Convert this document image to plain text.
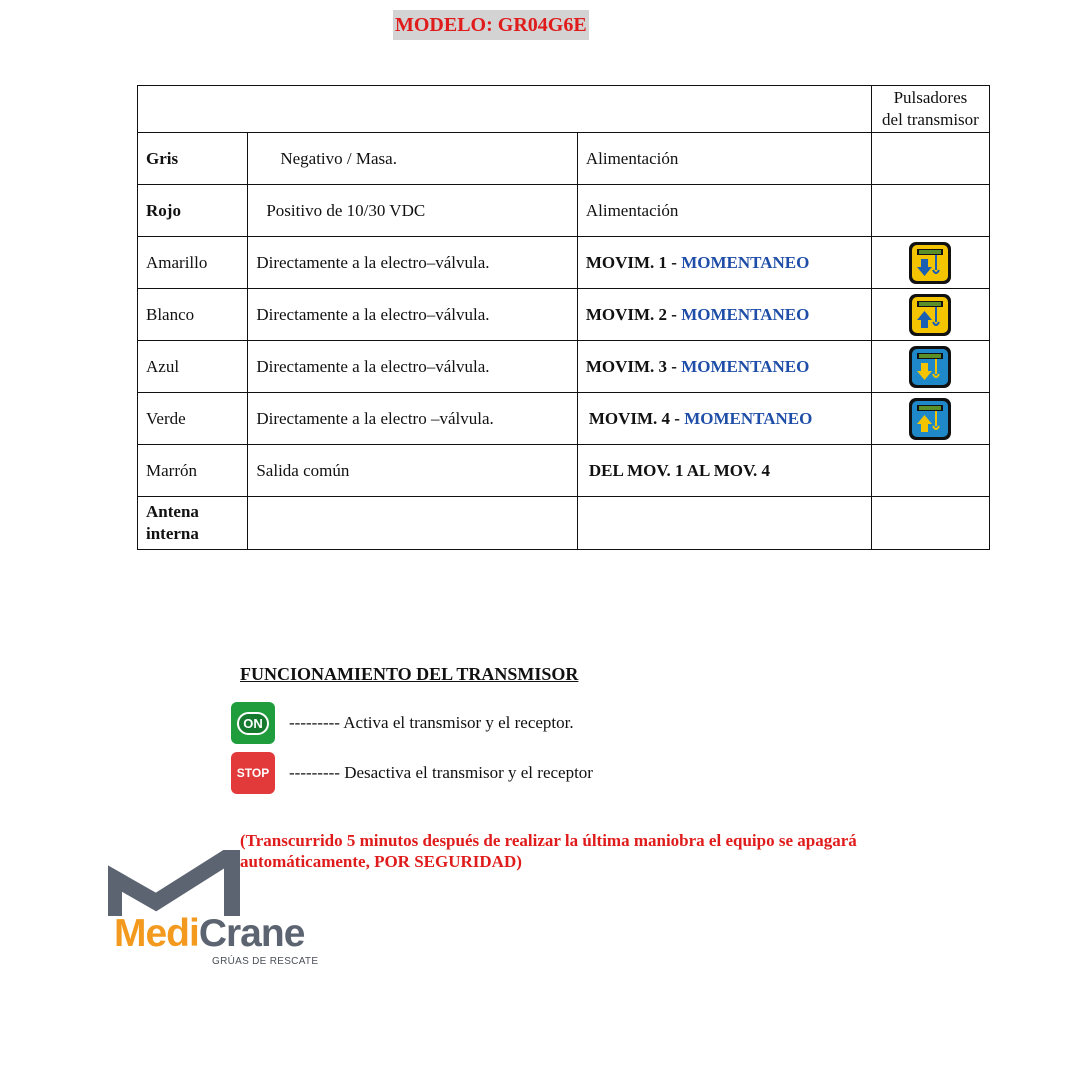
MODELO: GR04G6E
			Pulsadores
del transmisor
Gris	Negativo / Masa.	Alimentación	
Rojo	Positivo de 10/30 VDC	Alimentación	
Amarillo	Directamente a la electro–válvula.	MOVIM. 1 - MOMENTANEO	
Blanco	Directamente a la electro–válvula.	MOVIM. 2 - MOMENTANEO	
Azul	Directamente a la electro–válvula.	MOVIM. 3 - MOMENTANEO	
Verde	Directamente a la electro –válvula.	MOVIM. 4 - MOMENTANEO	
Marrón	Salida común	DEL MOV. 1 AL MOV. 4	
Antena
interna			
FUNCIONAMIENTO DEL TRANSMISOR
ON	--------- Activa el transmisor y el receptor.
STOP --------- Desactiva el transmisor y el receptor
(Transcurrido 5 minutos después de realizar la última maniobra el equipo se apagará
automáticamente, POR SEGURIDAD)
MediCrane
GRÚAS DE RESCATE
